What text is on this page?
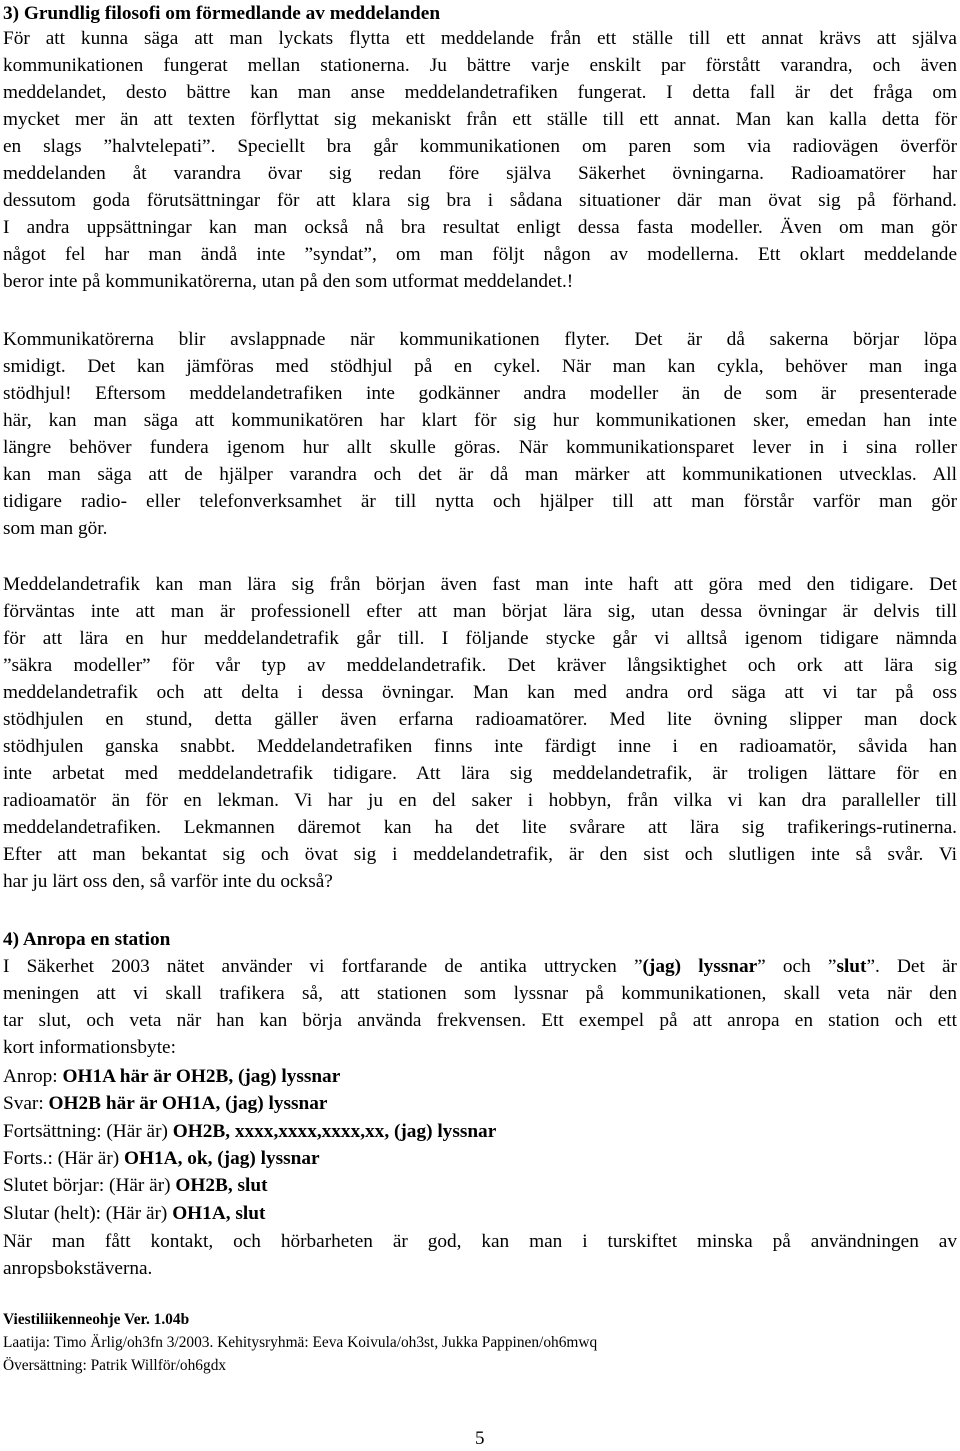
3) Grundlig filosofi om förmedlande av meddelanden
För att kunna säga att man lyckats flytta ett meddelande från ett ställe till ett annat krävs att själva
kommunikationen fungerat mellan stationerna. Ju bättre varje enskilt par förstått varandra, och även
meddelandet, desto bättre kan man anse meddelandetrafiken fungerat. I detta fall är det fråga om
mycket mer än att texten förflyttat sig mekaniskt från ett ställe till ett annat. Man kan kalla detta för
en slags ”halvtelepati”. Speciellt bra går kommunikationen om paren som via radiovägen överför
meddelanden åt varandra övar sig redan före själva Säkerhet övningarna. Radioamatörer har
dessutom goda förutsättningar för att klara sig bra i sådana situationer där man övat sig på förhand.
I andra uppsättningar kan man också nå bra resultat enligt dessa fasta modeller. Även om man gör
något fel har man ändå inte ”syndat”, om man följt någon av modellerna. Ett oklart meddelande
beror inte på kommunikatörerna, utan på den som utformat meddelandet.!
Kommunikatörerna blir avslappnade när kommunikationen flyter. Det är då sakerna börjar löpa
smidigt. Det kan jämföras med stödhjul på en cykel. När man kan cykla, behöver man inga
stödhjul! Eftersom meddelandetrafiken inte godkänner andra modeller än de som är presenterade
här, kan man säga att kommunikatören har klart för sig hur kommunikationen sker, emedan han inte
längre behöver fundera igenom hur allt skulle göras. När kommunikationsparet lever in i sina roller
kan man säga att de hjälper varandra och det är då man märker att kommunikationen utvecklas. All
tidigare radio- eller telefonverksamhet är till nytta och hjälper till att man förstår varför man gör
som man gör.
Meddelandetrafik kan man lära sig från början även fast man inte haft att göra med den tidigare. Det
förväntas inte att man är professionell efter att man börjat lära sig, utan dessa övningar är delvis till
för att lära en hur meddelandetrafik går till. I följande stycke går vi alltså igenom tidigare nämnda
”säkra modeller” för vår typ av meddelandetrafik. Det kräver långsiktighet och ork att lära sig
meddelandetrafik och att delta i dessa övningar. Man kan med andra ord säga att vi tar på oss
stödhjulen en stund, detta gäller även erfarna radioamatörer. Med lite övning slipper man dock
stödhjulen ganska snabbt. Meddelandetrafiken finns inte färdigt inne i en radioamatör, såvida han
inte arbetat med meddelandetrafik tidigare. Att lära sig meddelandetrafik, är troligen lättare för en
radioamatör än för en lekman. Vi har ju en del saker i hobbyn, från vilka vi kan dra paralleller till
meddelandetrafiken. Lekmannen däremot kan ha det lite svårare att lära sig trafikerings-rutinerna.
Efter att man bekantat sig och övat sig i meddelandetrafik, är den sist och slutligen inte så svår. Vi
har ju lärt oss den, så varför inte du också?
4) Anropa en station
I Säkerhet 2003 nätet använder vi fortfarande de antika uttrycken ”(jag) lyssnar” och ”slut”. Det är
meningen att vi skall trafikera så, att stationen som lyssnar på kommunikationen, skall veta när den
tar slut, och veta när han kan börja använda frekvensen. Ett exempel på att anropa en station och ett
kort informationsbyte:
Anrop: OH1A här är OH2B, (jag) lyssnar
Svar: OH2B här är OH1A, (jag) lyssnar
Fortsättning: (Här är) OH2B, xxxx,xxxx,xxxx,xx, (jag) lyssnar
Forts.: (Här är) OH1A, ok, (jag) lyssnar
Slutet börjar: (Här är) OH2B, slut
Slutar (helt): (Här är) OH1A, slut
När man fått kontakt, och hörbarheten är god, kan man i turskiftet minska på användningen av
anropsbokstäverna.
Viestiliikenneohje Ver. 1.04b
Laatija: Timo Ärlig/oh3fn 3/2003. Kehitysryhmä: Eeva Koivula/oh3st, Jukka Pappinen/oh6mwq
Översättning: Patrik Willför/oh6gdx
5
